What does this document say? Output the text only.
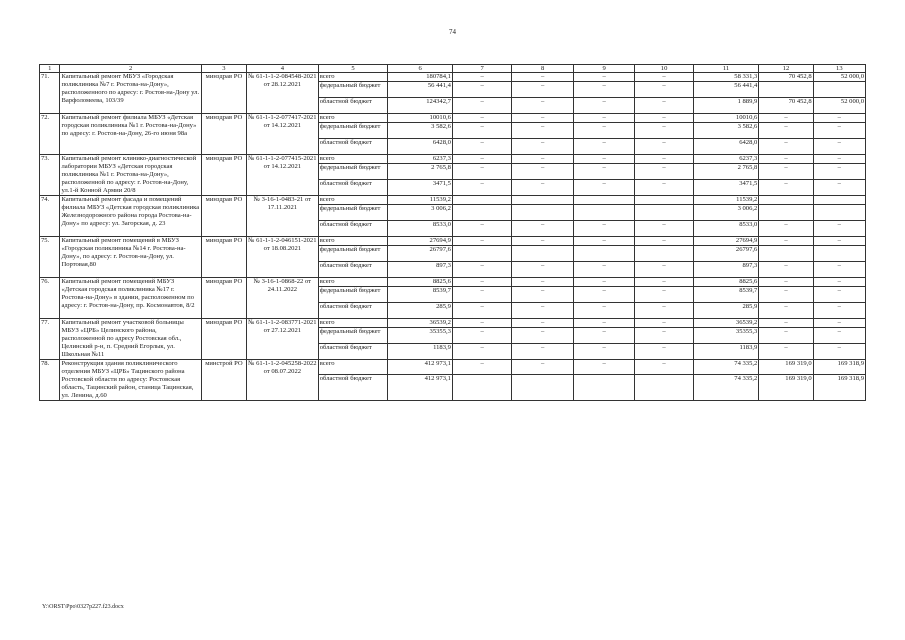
74
1	2	3	4	5	6	7	8	9	10	11	12	13
71.	Капитальный ремонт МБУЗ «Городская поликлиника №7 г. Ростова-на-Дону», расположенного по адресу: г. Ростов-на-Дону ул. Варфоломеева, 103/39	минздрав РО	№ 61-1-1-2-084548-2021 от 28.12.2021	всего	180784,1	–	–	–	–	58 331,3	70 452,8	52 000,0
				федеральный бюджет	56 441,4	–	–	–	–	56 441,4		
				областной бюджет	124342,7	–	–	–	–	1 889,9	70 452,8	52 000,0
72.	Капитальный ремонт филиала МБУЗ «Детская городская поликлиника №1 г. Ростова-на-Дону» по адресу: г. Ростов-на-Дону, 26-го июня 98а	минздрав РО	№ 61-1-1-2-077417-2021 от 14.12.2021	всего	10010,6	–	–	–	–	10010,6	–	–
				федеральный бюджет	3 582,6	–	–	–	–	3 582,6	–	–
				областной бюджет	6428,0	–	–	–	–	6428,0	–	–
73.	Капитальный ремонт клинико-диагностической лаборатории МБУЗ «Детская городская поликлиника №1 г. Ростова-на-Дону», расположенной по адресу: г. Ростов-на-Дону, ул.1-й Конной Армии 20/8	минздрав РО	№ 61-1-1-2-077415-2021 от 14.12.2021	всего	6237,3	–	–	–	–	6237,3	–	–
				федеральный бюджет	2 765,8	–	–	–	–	2 765,8	–	–
				областной бюджет	3471,5	–	–	–	–	3471,5	–	–
74.	Капитальный ремонт фасада и помещений филиала МБУЗ «Детская городская поликлиника Железнодорожного района города Ростова-на-Дону» по адресу: ул. Загорская, д. 23	минздрав РО	№ 3-16-1-0483-21 от 17.11.2021	всего	11539,2					11539,2		
				федеральный бюджет	3 006,2					3 006,2		
				областной бюджет	8533,0	–	–	–	–	8533,0	–	–
75.	Капитальный ремонт помещений в МБУЗ «Городская поликлиника №14 г. Ростова-на-Дону», по адресу: г. Ростов-на-Дону, ул. Портовая,80	минздрав РО	№ 61-1-1-2-046151-2021 от 18.08.2021	всего	27694,9	–	–	–	–	27694,9	–	–
				федеральный бюджет	26797,6					26797,6		
				областной бюджет	897,3	–	–	–	–	897,3	–	–
76.	Капитальный ремонт помещений МБУЗ «Детская городская поликлиника №17 г. Ростова-на-Дону» в здании, расположенном по адресу: г. Ростов-на-Дону, пр. Космонавтов, 8/2	минздрав РО	№ 3-16-1-0868-22 от 24.11.2022	всего	8825,6	–	–	–	–	8825,6	–	–
				федеральный бюджет	8539,7	–	–	–	–	8539,7	–	–
				областной бюджет	285,9	–	–	–	–	285,9	–	–
77.	Капитальный ремонт участковой больницы МБУЗ «ЦРБ» Целинского района, расположенной по адресу Ростовская обл., Целинский р-н, п. Средний Егорлык, ул. Школьная №11	минздрав РО	№ 61-1-1-2-083771-2021 от 27.12.2021	всего	36539,2	–	–	–	–	36539,2	–	–
				федеральный бюджет	35355,3	–	–	–	–	35355,3	–	–
				областной бюджет	1183,9	–	–	–	–	1183,9	–	–
78.	Реконструкция здания поликлинического отделения МБУЗ «ЦРБ» Тацинского района Ростовской области по адресу: Ростовская область, Тацинский район, станица Тацинская, ул. Ленина, д.60	минстрой РО	№ 61-1-1-2-045258-2022 от 08.07.2022	всего	412 973,1	–	–	–	–	74 335,2	169 319,0	169 318,9
				областной бюджет	412 973,1					74 335,2	169 319,0	169 318,9
Y:\ORST\Ppo\0327p227.f23.docx
